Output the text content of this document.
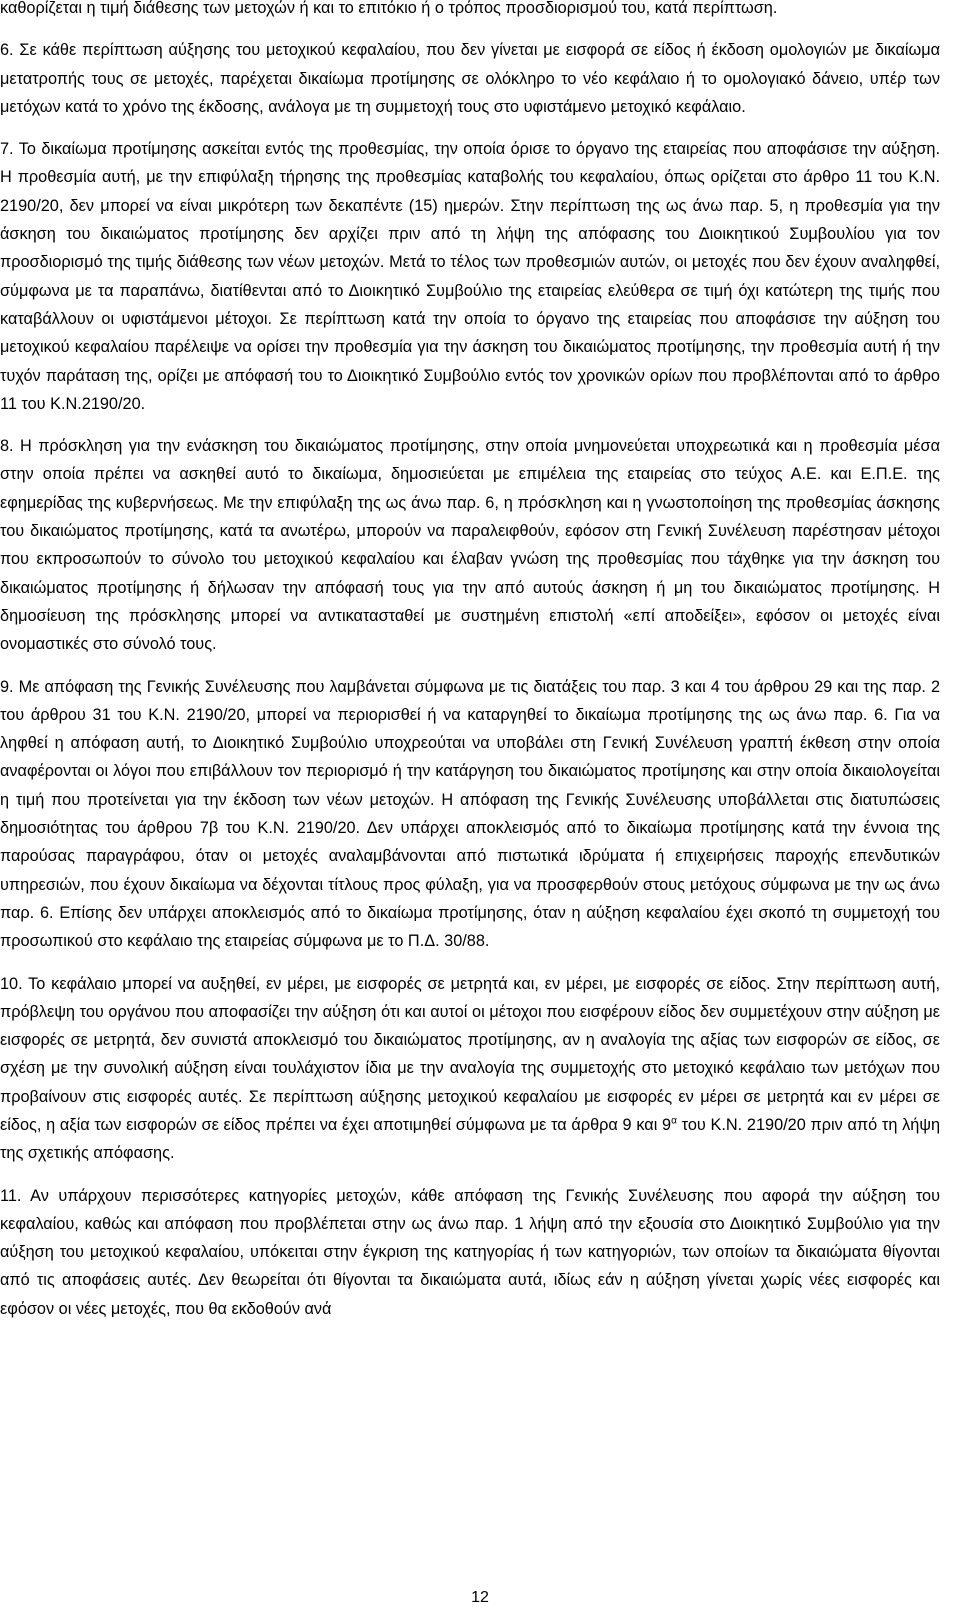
καθορίζεται η τιμή διάθεσης των μετοχών ή και το επιτόκιο ή ο τρόπος προσδιορισμού του, κατά περίπτωση.

6. Σε κάθε περίπτωση αύξησης του μετοχικού κεφαλαίου, που δεν γίνεται με εισφορά σε είδος ή έκδοση ομολογιών με δικαίωμα μετατροπής τους σε μετοχές, παρέχεται δικαίωμα προτίμησης σε ολόκληρο το νέο κεφάλαιο ή το ομολογιακό δάνειο, υπέρ των μετόχων κατά το χρόνο της έκδοσης, ανάλογα με τη συμμετοχή τους στο υφιστάμενο μετοχικό κεφάλαιο.

7. Το δικαίωμα προτίμησης ασκείται εντός της προθεσμίας, την οποία όρισε το όργανο της εταιρείας που αποφάσισε την αύξηση. Η προθεσμία αυτή, με την επιφύλαξη τήρησης της προθεσμίας καταβολής του κεφαλαίου, όπως ορίζεται στο άρθρο 11 του Κ.Ν. 2190/20, δεν μπορεί να είναι μικρότερη των δεκαπέντε (15) ημερών. Στην περίπτωση της ως άνω παρ. 5, η προθεσμία για την άσκηση του δικαιώματος προτίμησης δεν αρχίζει πριν από τη λήψη της απόφασης του Διοικητικού Συμβουλίου για τον προσδιορισμό της τιμής διάθεσης των νέων μετοχών. Μετά το τέλος των προθεσμιών αυτών, οι μετοχές που δεν έχουν αναληφθεί, σύμφωνα με τα παραπάνω, διατίθενται από το Διοικητικό Συμβούλιο της εταιρείας ελεύθερα σε τιμή όχι κατώτερη της τιμής που καταβάλλουν οι υφιστάμενοι μέτοχοι. Σε περίπτωση κατά την οποία το όργανο της εταιρείας που αποφάσισε την αύξηση του μετοχικού κεφαλαίου παρέλειψε να ορίσει την προθεσμία για την άσκηση του δικαιώματος προτίμησης, την προθεσμία αυτή ή την τυχόν παράταση της, ορίζει με απόφασή του το Διοικητικό Συμβούλιο εντός τον χρονικών ορίων που προβλέπονται από το άρθρο 11 του Κ.Ν.2190/20.

8. Η πρόσκληση για την ενάσκηση του δικαιώματος προτίμησης, στην οποία μνημονεύεται υποχρεωτικά και η προθεσμία μέσα στην οποία πρέπει να ασκηθεί αυτό το δικαίωμα, δημοσιεύεται με επιμέλεια της εταιρείας στο τεύχος Α.Ε. και Ε.Π.Ε. της εφημερίδας της κυβερνήσεως. Με την επιφύλαξη της ως άνω παρ. 6, η πρόσκληση και η γνωστοποίηση της προθεσμίας άσκησης του δικαιώματος προτίμησης, κατά τα ανωτέρω, μπορούν να παραλειφθούν, εφόσον στη Γενική Συνέλευση παρέστησαν μέτοχοι που εκπροσωπούν το σύνολο του μετοχικού κεφαλαίου και έλαβαν γνώση της προθεσμίας που τάχθηκε για την άσκηση του δικαιώματος προτίμησης ή δήλωσαν την απόφασή τους για την από αυτούς άσκηση ή μη του δικαιώματος προτίμησης. Η δημοσίευση της πρόσκλησης μπορεί να αντικατασταθεί με συστημένη επιστολή «επί αποδείξει», εφόσον οι μετοχές είναι ονομαστικές στο σύνολό τους.

9. Με απόφαση της Γενικής Συνέλευσης που λαμβάνεται σύμφωνα με τις διατάξεις του παρ. 3 και 4 του άρθρου 29 και της παρ. 2 του άρθρου 31 του Κ.Ν. 2190/20, μπορεί να περιορισθεί ή να καταργηθεί το δικαίωμα προτίμησης της ως άνω παρ. 6. Για να ληφθεί η απόφαση αυτή, το Διοικητικό Συμβούλιο υποχρεούται να υποβάλει στη Γενική Συνέλευση γραπτή έκθεση στην οποία αναφέρονται οι λόγοι που επιβάλλουν τον περιορισμό ή την κατάργηση του δικαιώματος προτίμησης και στην οποία δικαιολογείται η τιμή που προτείνεται για την έκδοση των νέων μετοχών. Η απόφαση της Γενικής Συνέλευσης υποβάλλεται στις διατυπώσεις δημοσιότητας του άρθρου 7β του Κ.Ν. 2190/20. Δεν υπάρχει αποκλεισμός από το δικαίωμα προτίμησης κατά την έννοια της παρούσας παραγράφου, όταν οι μετοχές αναλαμβάνονται από πιστωτικά ιδρύματα ή επιχειρήσεις παροχής επενδυτικών υπηρεσιών, που έχουν δικαίωμα να δέχονται τίτλους προς φύλαξη, για να προσφερθούν στους μετόχους σύμφωνα με την ως άνω παρ. 6. Επίσης δεν υπάρχει αποκλεισμός από το δικαίωμα προτίμησης, όταν η αύξηση κεφαλαίου έχει σκοπό τη συμμετοχή του προσωπικού στο κεφάλαιο της εταιρείας σύμφωνα με το Π.Δ. 30/88.

10. Το κεφάλαιο μπορεί να αυξηθεί, εν μέρει, με εισφορές σε μετρητά και, εν μέρει, με εισφορές σε είδος. Στην περίπτωση αυτή, πρόβλεψη του οργάνου που αποφασίζει την αύξηση ότι και αυτοί οι μέτοχοι που εισφέρουν είδος δεν συμμετέχουν στην αύξηση με εισφορές σε μετρητά, δεν συνιστά αποκλεισμό του δικαιώματος προτίμησης, αν η αναλογία της αξίας των εισφορών σε είδος, σε σχέση με την συνολική αύξηση είναι τουλάχιστον ίδια με την αναλογία της συμμετοχής στο μετοχικό κεφάλαιο των μετόχων που προβαίνουν στις εισφορές αυτές. Σε περίπτωση αύξησης μετοχικού κεφαλαίου με εισφορές εν μέρει σε μετρητά και εν μέρει σε είδος, η αξία των εισφορών σε είδος πρέπει να έχει αποτιμηθεί σύμφωνα με τα άρθρα 9 και $9^\alpha$ του Κ.Ν. 2190/20 πριν από τη λήψη της σχετικής απόφασης.

11. Αν υπάρχουν περισσότερες κατηγορίες μετοχών, κάθε απόφαση της Γενικής Συνέλευσης που αφορά την αύξηση του κεφαλαίου, καθώς και απόφαση που προβλέπεται στην ως άνω παρ. 1 λήψη από την εξουσία στο Διοικητικό Συμβούλιο για την αύξηση του μετοχικού κεφαλαίου, υπόκειται στην έγκριση της κατηγορίας ή των κατηγοριών, των οποίων τα δικαιώματα θίγονται από τις αποφάσεις αυτές. Δεν θεωρείται ότι θίγονται τα δικαιώματα αυτά, ιδίως εάν η αύξηση γίνεται χωρίς νέες εισφορές και εφόσον οι νέες μετοχές, που θα εκδοθούν ανά

12
